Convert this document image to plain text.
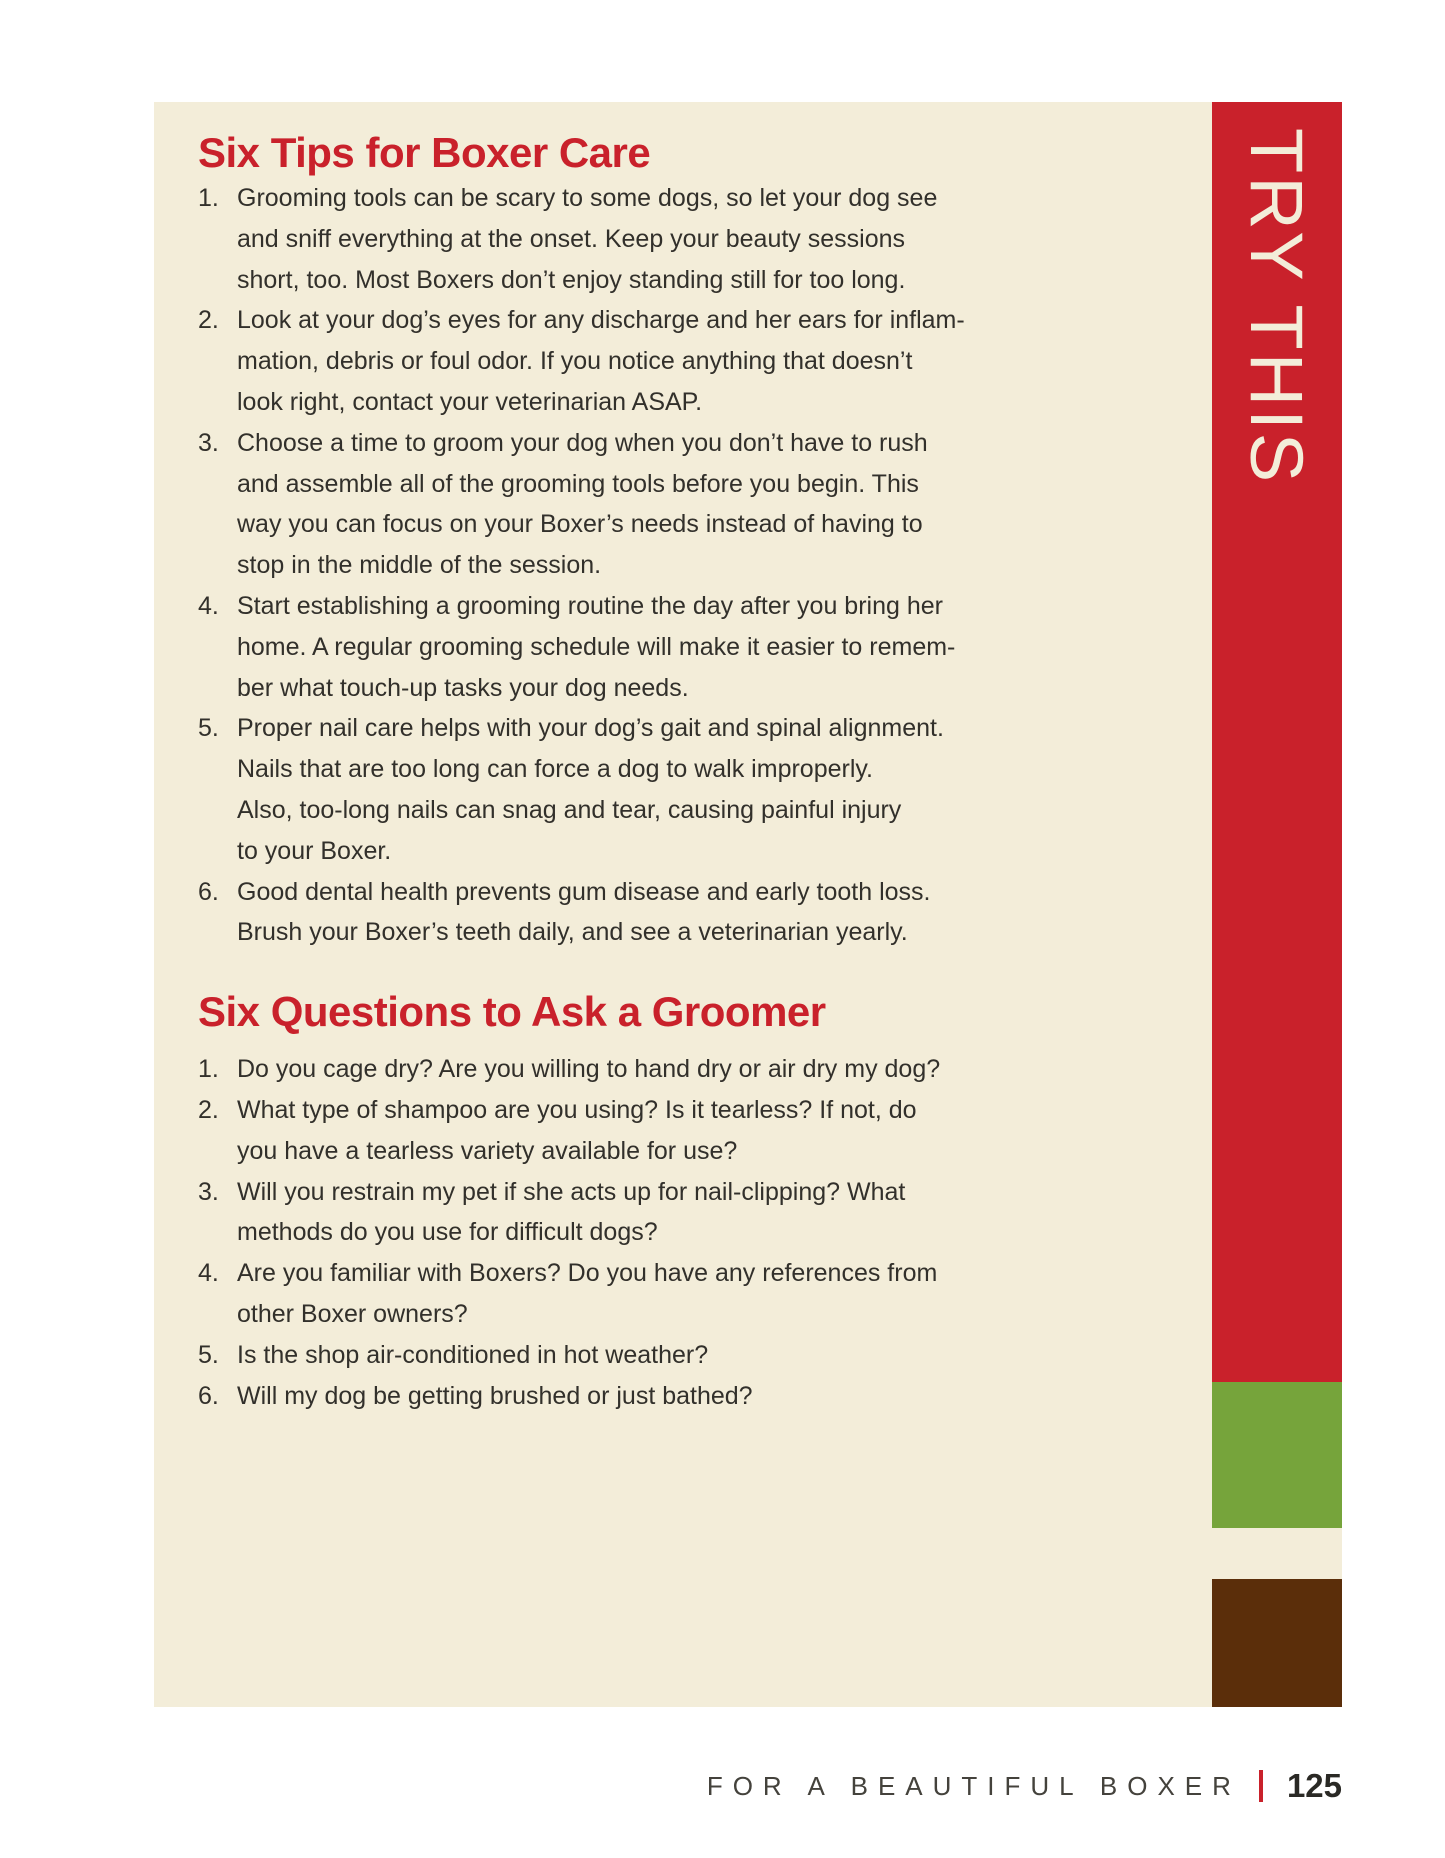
Six Tips for Boxer Care
1. Grooming tools can be scary to some dogs, so let your dog see
and sniff everything at the onset. Keep your beauty sessions
short, too. Most Boxers don’t enjoy standing still for too long.
2. Look at your dog’s eyes for any discharge and her ears for inflam-
mation, debris or foul odor. If you notice anything that doesn’t
look right, contact your veterinarian ASAP.
3. Choose a time to groom your dog when you don’t have to rush
and assemble all of the grooming tools before you begin. This
way you can focus on your Boxer’s needs instead of having to
stop in the middle of the session.
4. Start establishing a grooming routine the day after you bring her
home. A regular grooming schedule will make it easier to remem-
ber what touch-up tasks your dog needs.
5. Proper nail care helps with your dog’s gait and spinal alignment.
Nails that are too long can force a dog to walk improperly.
Also, too-long nails can snag and tear, causing painful injury
to your Boxer.
6. Good dental health prevents gum disease and early tooth loss.
Brush your Boxer’s teeth daily, and see a veterinarian yearly.
Six Questions to Ask a Groomer
1. Do you cage dry? Are you willing to hand dry or air dry my dog?
2. What type of shampoo are you using? Is it tearless? If not, do
you have a tearless variety available for use?
3. Will you restrain my pet if she acts up for nail-clipping? What
methods do you use for difficult dogs?
4. Are you familiar with Boxers? Do you have any references from
other Boxer owners?
5. Is the shop air-conditioned in hot weather?
6. Will my dog be getting brushed or just bathed?
TRY THIS
FOR A BEAUTIFUL BOXER 125
